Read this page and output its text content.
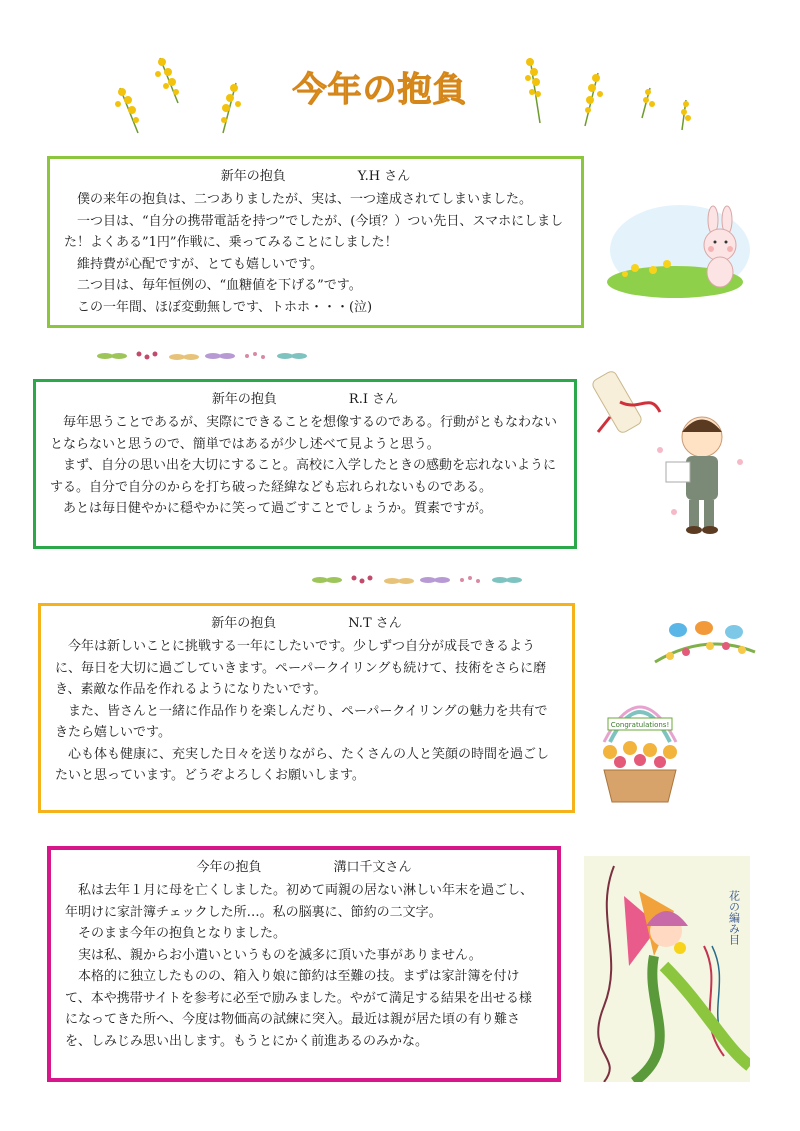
今年の抱負
新年の抱負	Y.H さん

僕の来年の抱負は、二つありましたが、実は、一つ達成されてしまいました。

一つ目は、“自分の携帯電話を持つ”でしたが、(今頃？）つい先日、スマホにしました！よくある”1円”作戦に、乗ってみることにしました！

維持費が心配ですが、とても嬉しいです。

二つ目は、毎年恒例の、“血糖値を下げる”です。

この一年間、ほぼ変動無しです、トホホ・・・(泣)

新年の抱負	R.I さん

毎年思うことであるが、実際にできることを想像するのである。行動がともなわないとならないと思うので、簡単ではあるが少し述べて見ようと思う。

まず、自分の思い出を大切にすること。高校に入学したときの感動を忘れないようにする。自分で自分のからを打ち破った経緯なども忘れられないものである。

あとは毎日健やかに穏やかに笑って過ごすことでしょうか。質素ですが。

新年の抱負	N.T さん

今年は新しいことに挑戦する一年にしたいです。少しずつ自分が成長できるように、毎日を大切に過ごしていきます。ペーパークイリングも続けて、技術をさらに磨き、素敵な作品を作れるようになりたいです。

また、皆さんと一緒に作品作りを楽しんだり、ペーパークイリングの魅力を共有できたら嬉しいです。

心も体も健康に、充実した日々を送りながら、たくさんの人と笑顔の時間を過ごしたいと思っています。どうぞよろしくお願いします。

Congratulations!
今年の抱負	溝口千文さん

私は去年１月に母を亡くしました。初めて両親の居ない淋しい年末を過ごし、年明けに家計簿チェックした所…。私の脳裏に、節約の二文字。

そのまま今年の抱負となりました。

実は私、親からお小遣いというものを滅多に頂いた事がありません。

本格的に独立したものの、箱入り娘に節約は至難の技。まずは家計簿を付けて、本や携帯サイトを参考に必至で励みました。やがて満足する結果を出せる様になってきた所へ、今度は物価高の試練に突入。最近は親が居た頃の有り難さを、しみじみ思い出します。もうとにかく前進あるのみかな。

花の編み目
